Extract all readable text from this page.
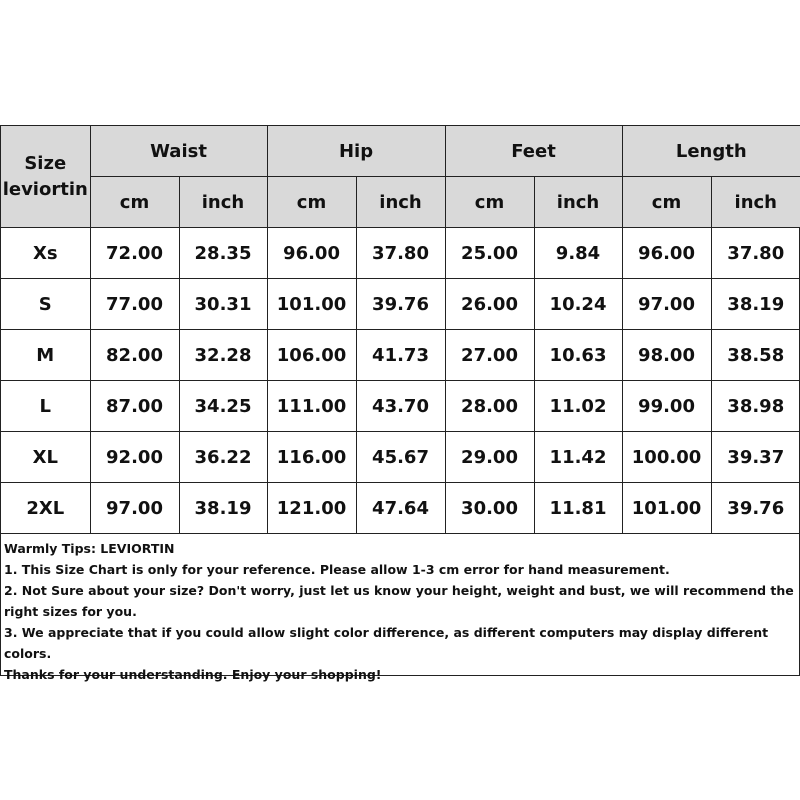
Size
leviortin	Waist		Hip		Feet		Length	
	cm	inch	cm	inch	cm	inch	cm	inch
Xs	72.00	28.35	96.00	37.80	25.00	9.84	96.00	37.80
S	77.00	30.31	101.00	39.76	26.00	10.24	97.00	38.19
M	82.00	32.28	106.00	41.73	27.00	10.63	98.00	38.58
L	87.00	34.25	111.00	43.70	28.00	11.02	99.00	38.98
XL	92.00	36.22	116.00	45.67	29.00	11.42	100.00	39.37
2XL	97.00	38.19	121.00	47.64	30.00	11.81	101.00	39.76
Warmly Tips: LEVIORTIN
1. This Size Chart is only for your reference. Please allow 1-3 cm error for hand measurement.
2. Not Sure about your size? Don't worry, just let us know your height, weight and bust, we will recommend the right sizes for you.
3. We appreciate that if you could allow slight color difference, as different computers may display different colors.
Thanks for your understanding. Enjoy your shopping!
